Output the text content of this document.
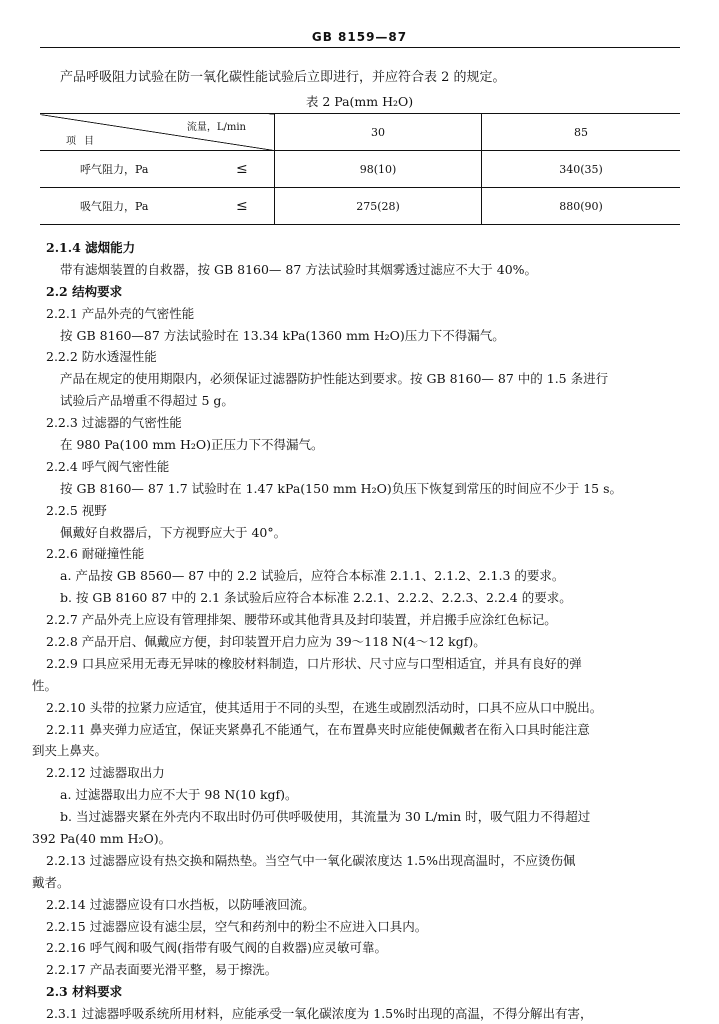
GB 8159—87
产品呼吸阻力试验在防一氧化碳性能试验后立即进行，并应符合表 2 的规定。
表 2 Pa(mm H₂O)
流量，L/min
项目	30	85

呼气阻力，Pa ≤	98(10)	340(35)

吸气阻力，Pa ≤	275(28)	880(90)
2.1.4 滤烟能力
带有滤烟装置的自救器，按 GB 8160— 87 方法试验时其烟雾透过滤应不大于 40%。
2.2 结构要求
2.2.1 产品外壳的气密性能
按 GB 8160—87 方法试验时在 13.34 kPa(1360 mm H₂O)压力下不得漏气。
2.2.2 防水透湿性能
产品在规定的使用期限内，必须保证过滤器防护性能达到要求。按 GB 8160— 87 中的 1.5 条进行
试验后产品增重不得超过 5 g。
2.2.3 过滤器的气密性能
在 980 Pa(100 mm H₂O)正压力下不得漏气。
2.2.4 呼气阀气密性能
按 GB 8160— 87 1.7 试验时在 1.47 kPa(150 mm H₂O)负压下恢复到常压的时间应不少于 15 s。
2.2.5 视野
佩戴好自救器后，下方视野应大于 40°。
2.2.6 耐碰撞性能
a. 产品按 GB 8560— 87 中的 2.2 试验后，应符合本标准 2.1.1、2.1.2、2.1.3 的要求。
b. 按 GB 8160 87 中的 2.1 条试验后应符合本标准 2.2.1、2.2.2、2.2.3、2.2.4 的要求。
2.2.7 产品外壳上应设有管理排架、腰带环或其他背具及封印装置，并启搬手应涂红色标记。
2.2.8 产品开启、佩戴应方便，封印装置开启力应为 39～118 N(4～12 kgf)。
2.2.9 口具应采用无毒无异味的橡胶材料制造，口片形状、尺寸应与口型相适宜，并具有良好的弹
性。
2.2.10 头带的拉紧力应适宜，使其适用于不同的头型，在逃生或剧烈活动时，口具不应从口中脱出。
2.2.11 鼻夹弹力应适宜，保证夹紧鼻孔不能通气，在布置鼻夹时应能使佩戴者在衔入口具时能注意
到夹上鼻夹。
2.2.12 过滤器取出力
a. 过滤器取出力应不大于 98 N(10 kgf)。
b. 当过滤器夹紧在外壳内不取出时仍可供呼吸使用，其流量为 30 L/min 时，吸气阻力不得超过
392 Pa(40 mm H₂O)。
2.2.13 过滤器应设有热交换和隔热垫。当空气中一氧化碳浓度达 1.5%出现高温时，不应烫伤佩
戴者。
2.2.14 过滤器应设有口水挡板，以防唾液回流。
2.2.15 过滤器应设有滤尘层，空气和药剂中的粉尘不应进入口具内。
2.2.16 呼气阀和吸气阀(指带有吸气阀的自救器)应灵敏可靠。
2.2.17 产品表面要光滑平整，易于擦洗。
2.3 材料要求
2.3.1 过滤器呼吸系统所用材料，应能承受一氧化碳浓度为 1.5%时出现的高温，不得分解出有害，
